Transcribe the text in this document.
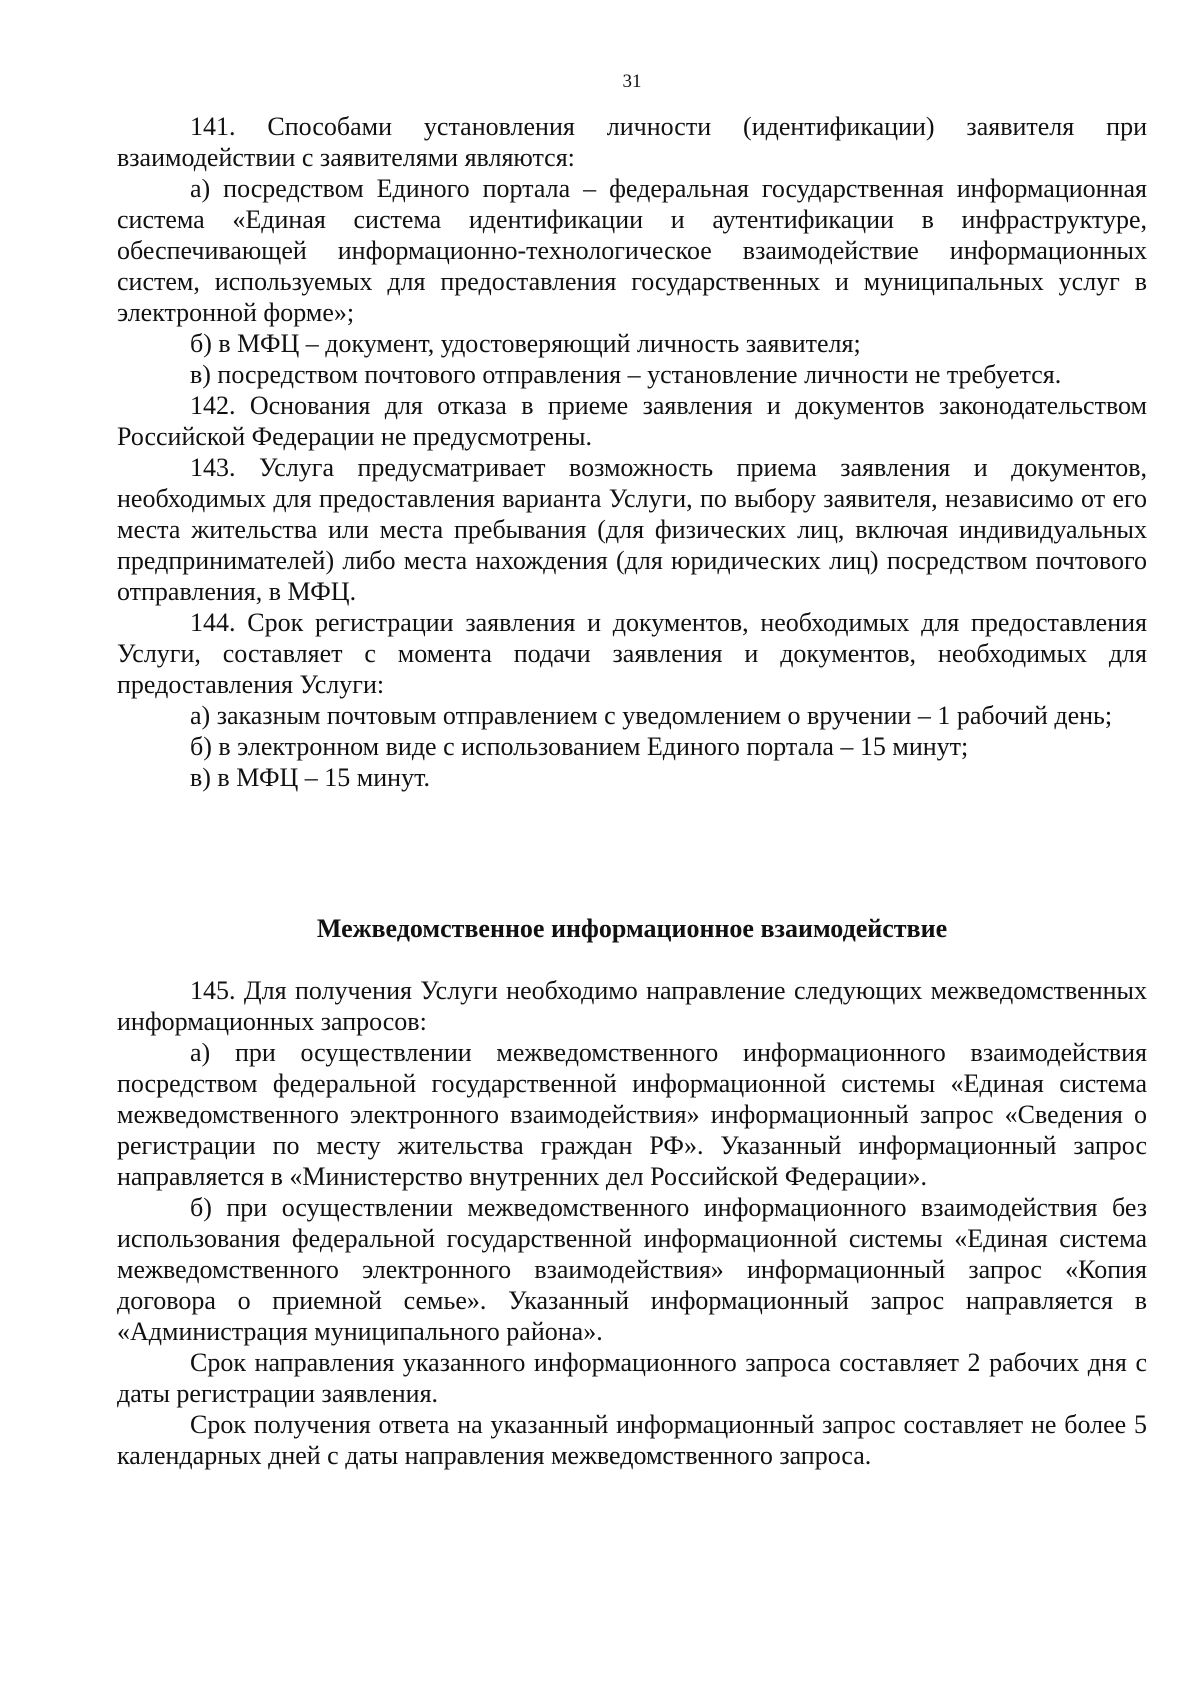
31

141. Способами установления личности (идентификации) заявителя при взаимодействии с заявителями являются:

а) посредством Единого портала – федеральная государственная информационная система «Единая система идентификации и аутентификации в инфраструктуре, обеспечивающей информационно-технологическое взаимодействие информационных систем, используемых для предоставления государственных и муниципальных услуг в электронной форме»;

б) в МФЦ – документ, удостоверяющий личность заявителя;

в) посредством почтового отправления – установление личности не требуется.

142. Основания для отказа в приеме заявления и документов законодательством Российской Федерации не предусмотрены.

143. Услуга предусматривает возможность приема заявления и документов, необходимых для предоставления варианта Услуги, по выбору заявителя, независимо от его места жительства или места пребывания (для физических лиц, включая индивидуальных предпринимателей) либо места нахождения (для юридических лиц) посредством почтового отправления, в МФЦ.

144. Срок регистрации заявления и документов, необходимых для предоставления Услуги, составляет с момента подачи заявления и документов, необходимых для предоставления Услуги:

а) заказным почтовым отправлением с уведомлением о вручении – 1 рабочий день;

б) в электронном виде с использованием Единого портала – 15 минут;

в) в МФЦ – 15 минут.

Межведомственное информационное взаимодействие

145. Для получения Услуги необходимо направление следующих межведомственных информационных запросов:

а) при осуществлении межведомственного информационного взаимодействия посредством федеральной государственной информационной системы «Единая система межведомственного электронного взаимодействия» информационный запрос «Сведения о регистрации по месту жительства граждан РФ». Указанный информационный запрос направляется в «Министерство внутренних дел Российской Федерации».

б) при осуществлении межведомственного информационного взаимодействия без использования федеральной государственной информационной системы «Единая система межведомственного электронного взаимодействия» информационный запрос «Копия договора о приемной семье». Указанный информационный запрос направляется в «Администрация муниципального района».

Срок направления указанного информационного запроса составляет 2 рабочих дня с даты регистрации заявления.

Срок получения ответа на указанный информационный запрос составляет не более 5 календарных дней с даты направления межведомственного запроса.
